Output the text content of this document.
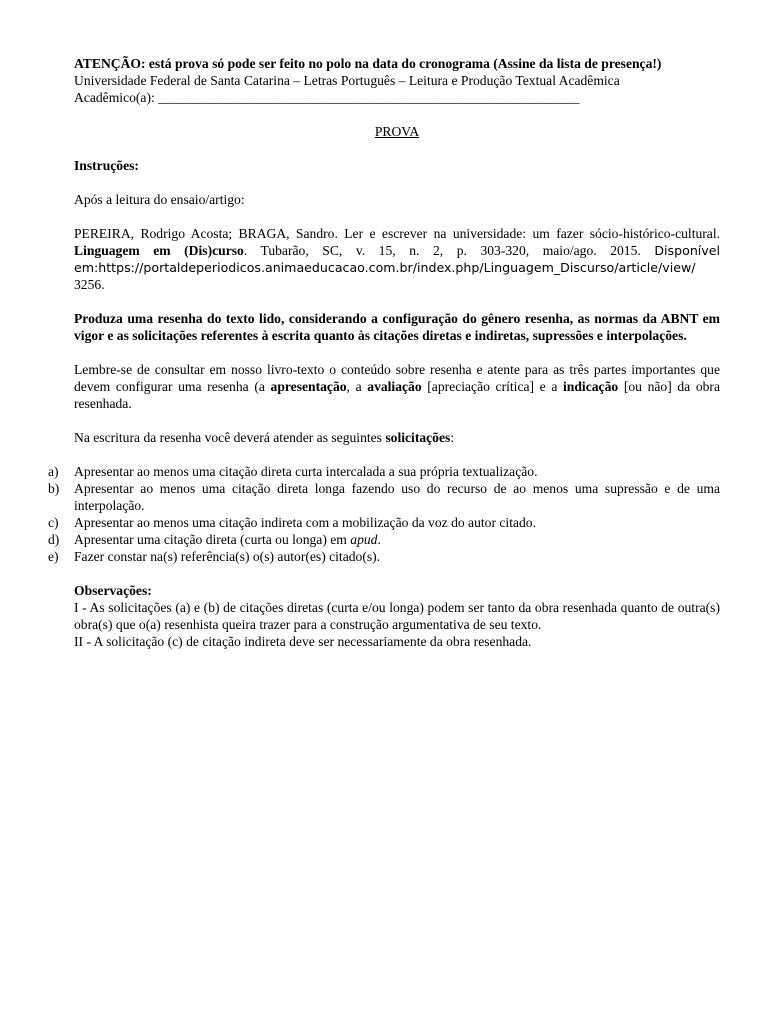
ATENÇÃO: está prova só pode ser feito no polo na data do cronograma (Assine da lista de presença!)

Universidade Federal de Santa Catarina – Letras Português – Leitura e Produção Textual Acadêmica

Acadêmico(a): ______________________________________________________________

PROVA

Instruções:

Após a leitura do ensaio/artigo:

PEREIRA, Rodrigo Acosta; BRAGA, Sandro. Ler e escrever na universidade: um fazer sócio-histórico-cultural. Linguagem em (Dis)curso. Tubarão, SC, v. 15, n. 2, p. 303-320, maio/ago. 2015. Disponível em:https://portaldeperiodicos.animaeducacao.com.br/index.php/Linguagem_Discurso/article/view/

3256.

Produza uma resenha do texto lido, considerando a configuração do gênero resenha, as normas da ABNT em vigor e as solicitações referentes à escrita quanto às citações diretas e indiretas, supressões e interpolações.

Lembre-se de consultar em nosso livro-texto o conteúdo sobre resenha e atente para as três partes importantes que devem configurar uma resenha (a apresentação, a avaliação [apreciação crítica] e a indicação [ou não] da obra resenhada.

Na escritura da resenha você deverá atender as seguintes solicitações:

a) Apresentar ao menos uma citação direta curta intercalada a sua própria textualização.
b) Apresentar ao menos uma citação direta longa fazendo uso do recurso de ao menos uma supressão e de uma interpolação.
c) Apresentar ao menos uma citação indireta com a mobilização da voz do autor citado.
d) Apresentar uma citação direta (curta ou longa) em apud.
e) Fazer constar na(s) referência(s) o(s) autor(es) citado(s).

Observações:

I - As solicitações (a) e (b) de citações diretas (curta e/ou longa) podem ser tanto da obra resenhada quanto de outra(s) obra(s) que o(a) resenhista queira trazer para a construção argumentativa de seu texto.

II - A solicitação (c) de citação indireta deve ser necessariamente da obra resenhada.
